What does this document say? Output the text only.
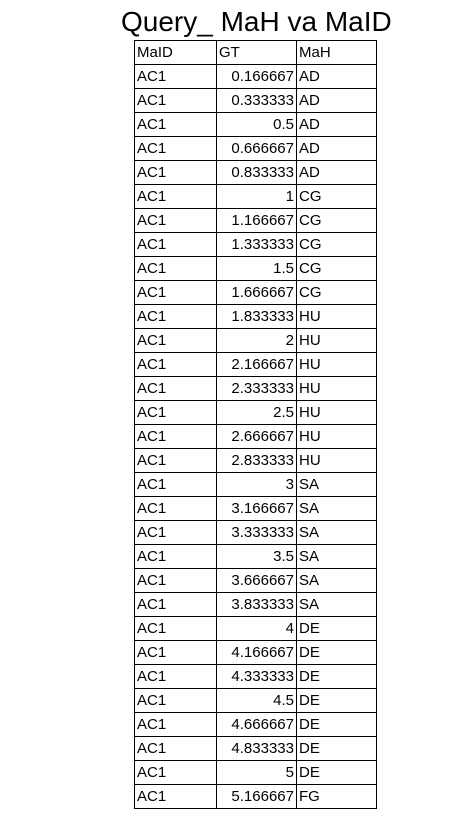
Query_ MaH va MaID
MaID	GT	MaH
AC1	0.166667	AD
AC1	0.333333	AD
AC1	0.5	AD
AC1	0.666667	AD
AC1	0.833333	AD
AC1	1	CG
AC1	1.166667	CG
AC1	1.333333	CG
AC1	1.5	CG
AC1	1.666667	CG
AC1	1.833333	HU
AC1	2	HU
AC1	2.166667	HU
AC1	2.333333	HU
AC1	2.5	HU
AC1	2.666667	HU
AC1	2.833333	HU
AC1	3	SA
AC1	3.166667	SA
AC1	3.333333	SA
AC1	3.5	SA
AC1	3.666667	SA
AC1	3.833333	SA
AC1	4	DE
AC1	4.166667	DE
AC1	4.333333	DE
AC1	4.5	DE
AC1	4.666667	DE
AC1	4.833333	DE
AC1	5	DE
AC1	5.166667	FG
